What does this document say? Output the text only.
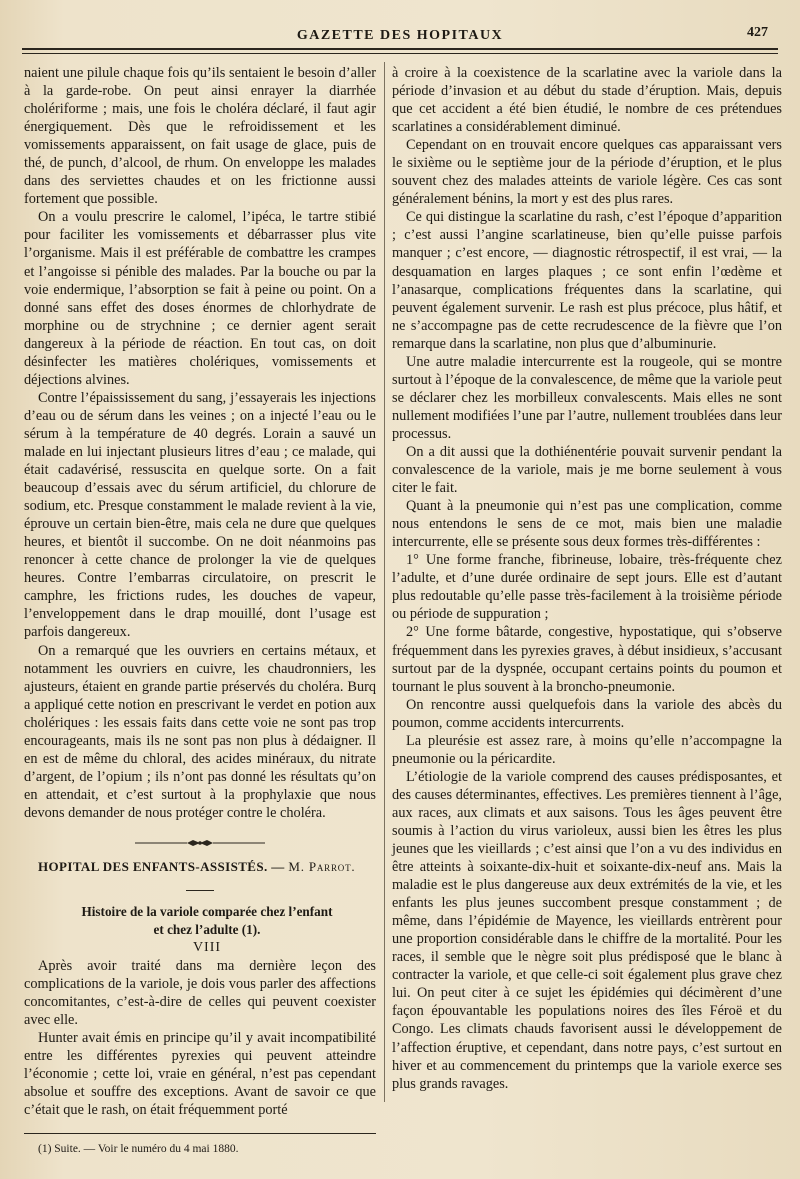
GAZETTE DES HOPITAUX	427

naient une pilule chaque fois qu’ils sentaient le besoin d’aller à la garde-robe. On peut ainsi enrayer la diarrhée cholériforme ; mais, une fois le choléra déclaré, il faut agir énergiquement. Dès que le refroidissement et les vomissements apparaissent, on fait usage de glace, puis de thé, de punch, d’alcool, de rhum. On enveloppe les malades dans des serviettes chaudes et on les frictionne aussi fortement que possible.

On a voulu prescrire le calomel, l’ipéca, le tartre stibié pour faciliter les vomissements et débarrasser plus vite l’organisme. Mais il est préférable de combattre les crampes et l’angoisse si pénible des malades. Par la bouche ou par la voie endermique, l’absorption se fait à peine ou point. On a donné sans effet des doses énormes de chlorhydrate de morphine ou de strychnine ; ce dernier agent serait dangereux à la période de réaction. En tout cas, on doit désinfecter les matières cholériques, vomissements et déjections alvines.

Contre l’épaississement du sang, j’essayerais les injections d’eau ou de sérum dans les veines ; on a injecté l’eau ou le sérum à la température de 40 degrés. Lorain a sauvé un malade en lui injectant plusieurs litres d’eau ; ce malade, qui était cadavérisé, ressuscita en quelque sorte. On a fait beaucoup d’essais avec du sérum artificiel, du chlorure de sodium, etc. Presque constamment le malade revient à la vie, éprouve un certain bien-être, mais cela ne dure que quelques heures, et bientôt il succombe. On ne doit néanmoins pas renoncer à cette chance de prolonger la vie de quelques heures. Contre l’embarras circulatoire, on prescrit le camphre, les frictions rudes, les douches de vapeur, l’enveloppement dans le drap mouillé, dont l’usage est parfois dangereux.

On a remarqué que les ouvriers en certains métaux, et notamment les ouvriers en cuivre, les chaudronniers, les ajusteurs, étaient en grande partie préservés du choléra. Burq a appliqué cette notion en prescrivant le verdet en potion aux cholériques : les essais faits dans cette voie ne sont pas trop encourageants, mais ils ne sont pas non plus à dédaigner. Il en est de même du chloral, des acides minéraux, du nitrate d’argent, de l’opium ; ils n’ont pas donné les résultats qu’on en attendait, et c’est surtout à la prophylaxie que nous devons demander de nous protéger contre le choléra.

HOPITAL DES ENFANTS-ASSISTÉS. — M. Parrot.

Histoire de la variole comparée chez l’enfant

et chez l’adulte (1).

VIII

Après avoir traité dans ma dernière leçon des complications de la variole, je dois vous parler des affections concomitantes, c’est-à-dire de celles qui peuvent coexister avec elle.

Hunter avait émis en principe qu’il y avait incompatibilité entre les différentes pyrexies qui peuvent atteindre l’économie ; cette loi, vraie en général, n’est pas cependant absolue et souffre des exceptions. Avant de savoir ce que c’était que le rash, on était fréquemment porté

(1) Suite. — Voir le numéro du 4 mai 1880.

à croire à la coexistence de la scarlatine avec la variole dans la période d’invasion et au début du stade d’éruption. Mais, depuis que cet accident a été bien étudié, le nombre de ces prétendues scarlatines a considérablement diminué.

Cependant on en trouvait encore quelques cas apparaissant vers le sixième ou le septième jour de la période d’éruption, et le plus souvent chez des malades atteints de variole légère. Ces cas sont généralement bénins, la mort y est des plus rares.

Ce qui distingue la scarlatine du rash, c’est l’époque d’apparition ; c’est aussi l’angine scarlatineuse, bien qu’elle puisse parfois manquer ; c’est encore, — diagnostic rétrospectif, il est vrai, — la desquamation en larges plaques ; ce sont enfin l’œdème et l’anasarque, complications fréquentes dans la scarlatine, qui peuvent également survenir. Le rash est plus précoce, plus hâtif, et ne s’accompagne pas de cette recrudescence de la fièvre que l’on remarque dans la scarlatine, non plus que d’albuminurie.

Une autre maladie intercurrente est la rougeole, qui se montre surtout à l’époque de la convalescence, de même que la variole peut se déclarer chez les morbilleux convalescents. Mais elles ne sont nullement modifiées l’une par l’autre, nullement troublées dans leur processus.

On a dit aussi que la dothiénentérie pouvait survenir pendant la convalescence de la variole, mais je me borne seulement à vous citer le fait.

Quant à la pneumonie qui n’est pas une complication, comme nous entendons le sens de ce mot, mais bien une maladie intercurrente, elle se présente sous deux formes très-différentes :

1° Une forme franche, fibrineuse, lobaire, très-fréquente chez l’adulte, et d’une durée ordinaire de sept jours. Elle est d’autant plus redoutable qu’elle passe très-facilement à la troisième période ou période de suppuration ;

2° Une forme bâtarde, congestive, hypostatique, qui s’observe fréquemment dans les pyrexies graves, à début insidieux, s’accusant surtout par de la dyspnée, occupant certains points du poumon et tournant le plus souvent à la broncho-pneumonie.

On rencontre aussi quelquefois dans la variole des abcès du poumon, comme accidents intercurrents.

La pleurésie est assez rare, à moins qu’elle n’accompagne la pneumonie ou la péricardite.

L’étiologie de la variole comprend des causes prédisposantes, et des causes déterminantes, effectives. Les premières tiennent à l’âge, aux races, aux climats et aux saisons. Tous les âges peuvent être soumis à l’action du virus varioleux, aussi bien les êtres les plus jeunes que les vieillards ; c’est ainsi que l’on a vu des individus en être atteints à soixante-dix-huit et soixante-dix-neuf ans. Mais la maladie est le plus dangereuse aux deux extrémités de la vie, et les enfants les plus jeunes succombent presque constamment ; de même, dans l’épidémie de Mayence, les vieillards entrèrent pour une proportion considérable dans le chiffre de la mortalité. Pour les races, il semble que le nègre soit plus prédisposé que le blanc à contracter la variole, et que celle-ci soit également plus grave chez lui. On peut citer à ce sujet les épidémies qui décimèrent d’une façon épouvantable les populations noires des îles Féroë et du Congo. Les climats chauds favorisent aussi le développement de l’affection éruptive, et cependant, dans notre pays, c’est surtout en hiver et au commencement du printemps que la variole exerce ses plus grands ravages.
